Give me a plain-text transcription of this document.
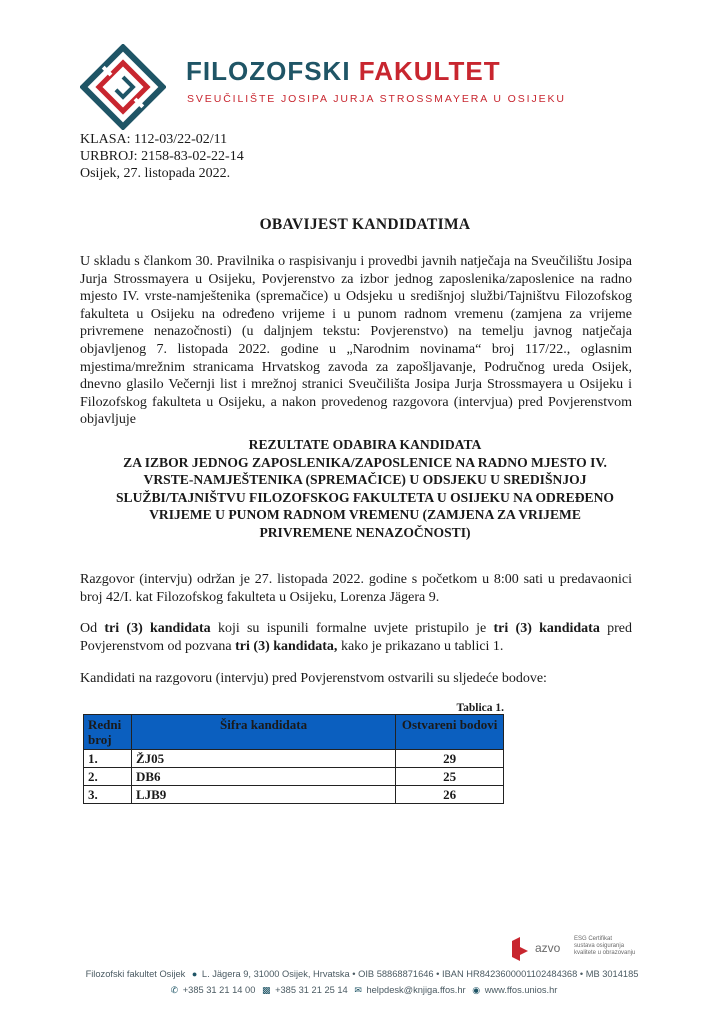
FILOZOFSKI FAKULTET
SVEUČILIŠTE JOSIPA JURJA STROSSMAYERA U OSIJEKU
KLASA: 112-03/22-02/11
URBROJ: 2158-83-02-22-14
Osijek, 27. listopada 2022.
OBAVIJEST KANDIDATIMA

U skladu s člankom 30. Pravilnika o raspisivanju i provedbi javnih natječaja na Sveučilištu Josipa Jurja Strossmayera u Osijeku, Povjerenstvo za izbor jednog zaposlenika/zaposlenice na radno mjesto IV. vrste-namještenika (spremačice) u Odsjeku u središnjoj službi/Tajništvu Filozofskog fakulteta u Osijeku na određeno vrijeme i u punom radnom vremenu (zamjena za vrijeme privremene nenazočnosti) (u daljnjem tekstu: Povjerenstvo) na temelju javnog natječaja objavljenog 7. listopada 2022. godine u „Narodnim novinama“ broj 117/22., oglasnim mjestima/mrežnim stranicama Hrvatskog zavoda za zapošljavanje, Područnog ureda Osijek, dnevno glasilo Večernji list i mrežnoj stranici Sveučilišta Josipa Jurja Strossmayera u Osijeku i Filozofskog fakulteta u Osijeku, a nakon provedenog razgovora (intervjua) pred Povjerenstvom objavljuje

REZULTATE ODABIRA KANDIDATA
ZA IZBOR JEDNOG ZAPOSLENIKA/ZAPOSLENICE NA RADNO MJESTO IV.
VRSTE-NAMJEŠTENIKA (SPREMAČICE) U ODSJEKU U SREDIŠNJOJ
SLUŽBI/TAJNIŠTVU FILOZOFSKOG FAKULTETA U OSIJEKU NA ODREĐENO
VRIJEME U PUNOM RADNOM VREMENU (ZAMJENA ZA VRIJEME
PRIVREMENE NENAZOČNOSTI)

Razgovor (intervju) održan je 27. listopada 2022. godine s početkom u 8:00 sati u predavaonici broj 42/I. kat Filozofskog fakulteta u Osijeku, Lorenza Jägera 9.

Od tri (3) kandidata koji su ispunili formalne uvjete pristupilo je tri (3) kandidata pred Povjerenstvom od pozvana tri (3) kandidata, kako je prikazano u tablici 1.

Kandidati na razgovoru (intervju) pred Povjerenstvom ostvarili su sljedeće bodove:

Tablica 1.
Redni broj	Šifra kandidata	Ostvareni bodovi
1.	ŽJ05	29
2.	DB6	25
3.	LJB9	26
azvo
ESG Certifikat
sustava osiguranja
kvalitete u obrazovanju
Filozofski fakultet Osijek ● L. Jägera 9, 31000 Osijek, Hrvatska • OIB 58868871646 • IBAN HR8423600001102484368 • MB 3014185
✆ +385 31 21 14 00 ▩ +385 31 21 25 14 ✉ helpdesk@knjiga.ffos.hr ◉ www.ffos.unios.hr
